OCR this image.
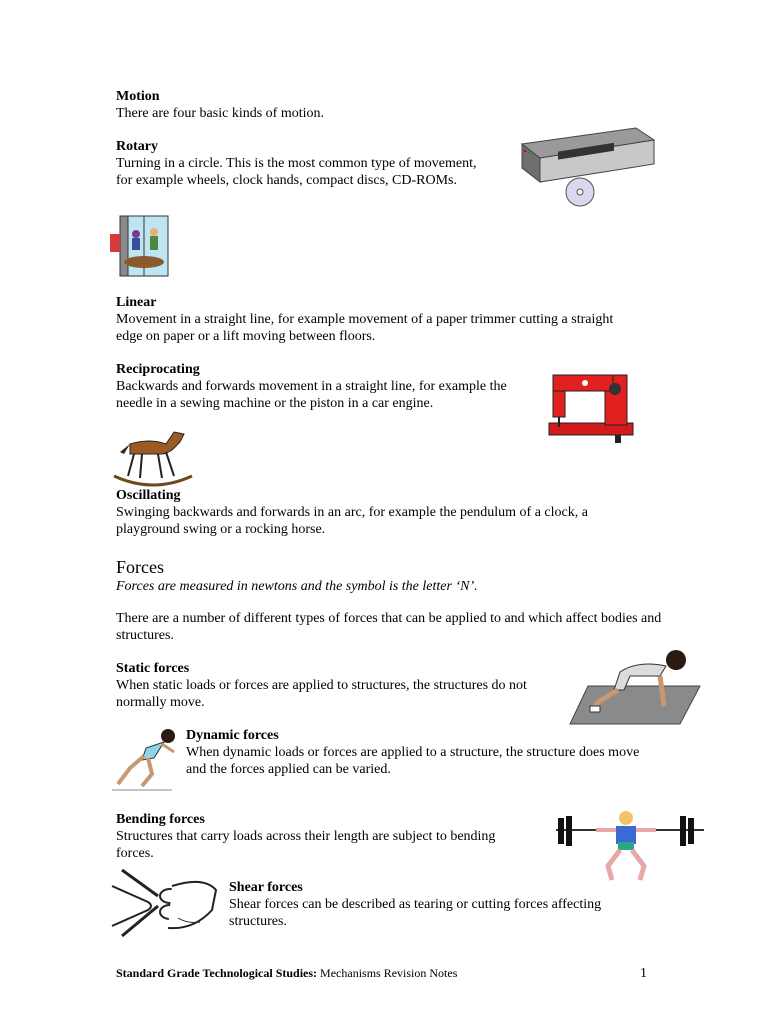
Motion
There are four basic kinds of motion.
Rotary
Turning in a circle. This is the most common type of movement, for example wheels, clock hands, compact discs, CD-ROMs.
Linear
Movement in a straight line, for example movement of a paper trimmer cutting a straight edge on paper or a lift moving between floors.
Reciprocating
Backwards and forwards movement in a straight line, for example the needle in a sewing machine or the piston in a car engine.
Oscillating
Swinging backwards and forwards in an arc, for example the pendulum of a clock, a playground swing or a rocking horse.
Forces
Forces are measured in newtons and the symbol is the letter ‘N’.
There are a number of different types of forces that can be applied to and which affect bodies and structures.
Static forces
When static loads or forces are applied to structures, the structures do not normally move.
Dynamic forces
When dynamic loads or forces are applied to a structure, the structure does move and the forces applied can be varied.
Bending forces
Structures that carry loads across their length are subject to bending forces.
Shear forces
Shear forces can be described as tearing or cutting forces affecting structures.
Standard Grade Technological Studies: Mechanisms Revision Notes	1
